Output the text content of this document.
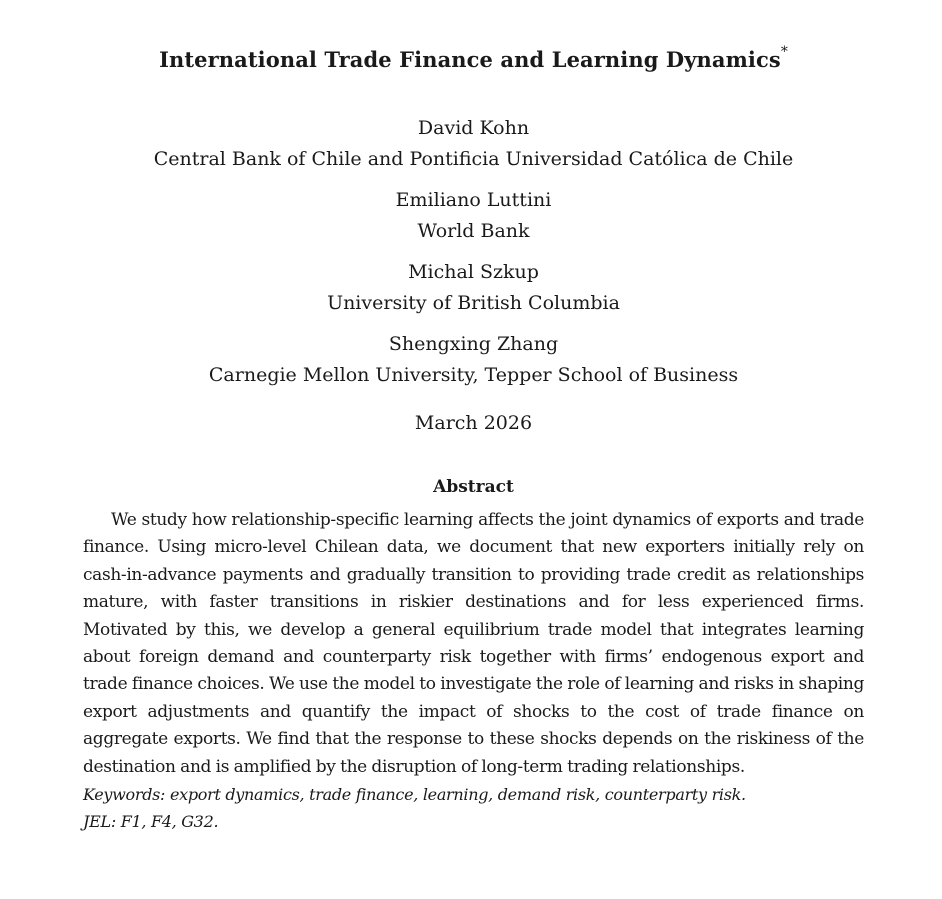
International Trade Finance and Learning Dynamics*
David Kohn
Central Bank of Chile and Pontificia Universidad Católica de Chile
Emiliano Luttini
World Bank
Michal Szkup
University of British Columbia
Shengxing Zhang
Carnegie Mellon University, Tepper School of Business
March 2026
Abstract

We study how relationship-specific learning affects the joint dynamics of exports and trade finance. Using micro-level Chilean data, we document that new exporters initially rely on cash-in-advance payments and gradually transition to providing trade credit as relationships mature, with faster transitions in riskier destinations and for less experienced firms. Motivated by this, we develop a general equilibrium trade model that integrates learning about foreign demand and counterparty risk together with firms’ endogenous export and trade finance choices. We use the model to investigate the role of learning and risks in shaping export adjustments and quantify the impact of shocks to the cost of trade finance on aggregate exports. We find that the response to these shocks depends on the riskiness of the destination and is amplified by the disruption of long-term trading relationships.

Keywords: export dynamics, trade finance, learning, demand risk, counterparty risk.
JEL: F1, F4, G32.
